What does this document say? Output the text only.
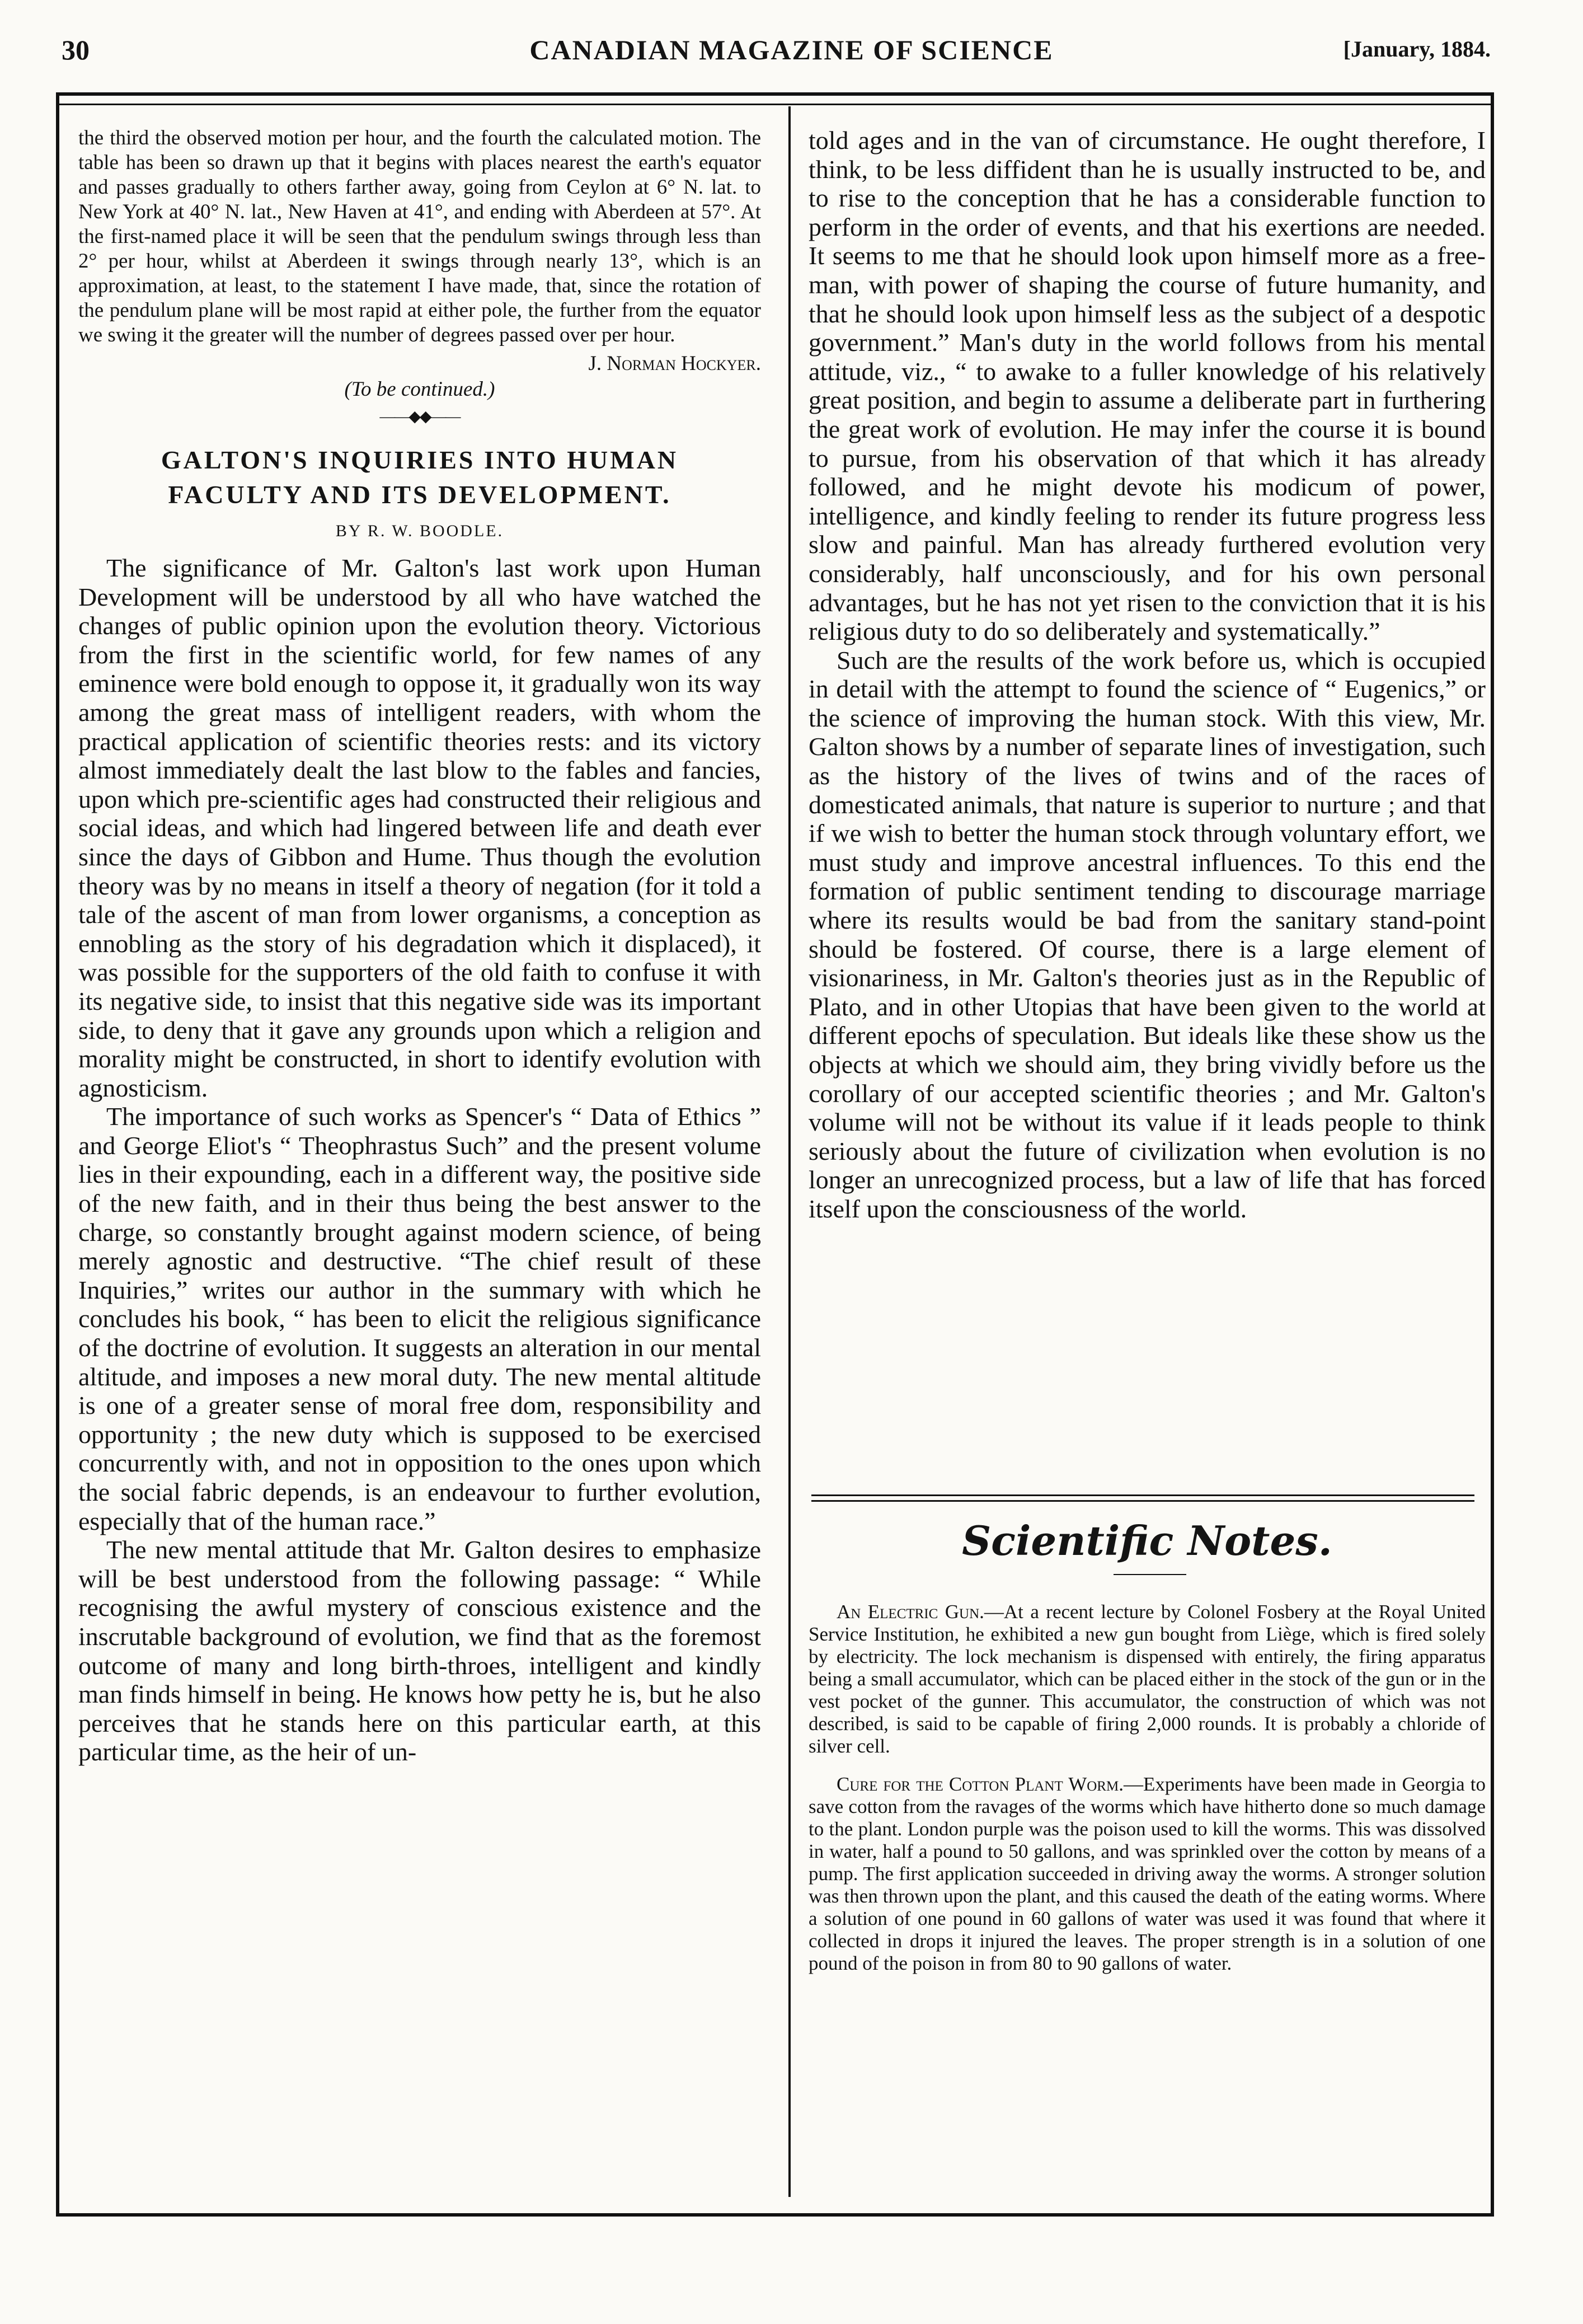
30	CANADIAN MAGAZINE OF SCIENCE	[January, 1884.

the third the observed motion per hour, and the fourth the calculated motion. The table has been so drawn up that it begins with places nearest the earth's equator and passes gradually to others farther away, going from Ceylon at 6° N. lat. to New York at 40° N. lat., New Haven at 41°, and ending with Aberdeen at 57°. At the first-named place it will be seen that the pendulum swings through less than 2° per hour, whilst at Aberdeen it swings through nearly 13°, which is an approximation, at least, to the statement I have made, that, since the rotation of the pendulum plane will be most rapid at either pole, the further from the equator we swing it the greater will the number of degrees passed over per hour.

J. Norman Hockyer.

(To be continued.)

——◆◆——

GALTON'S INQUIRIES INTO HUMAN

FACULTY AND ITS DEVELOPMENT.

BY R. W. BOODLE.

The significance of Mr. Galton's last work upon Human Development will be understood by all who have watched the changes of public opinion upon the evolution theory. Victorious from the first in the scientific world, for few names of any eminence were bold enough to oppose it, it gradually won its way among the great mass of intelligent readers, with whom the practical application of scientific theories rests: and its victory almost immediately dealt the last blow to the fables and fancies, upon which pre-scientific ages had constructed their religious and social ideas, and which had lingered between life and death ever since the days of Gibbon and Hume. Thus though the evolution theory was by no means in itself a theory of negation (for it told a tale of the ascent of man from lower organisms, a conception as ennobling as the story of his degradation which it displaced), it was possible for the supporters of the old faith to confuse it with its negative side, to insist that this negative side was its important side, to deny that it gave any grounds upon which a religion and morality might be constructed, in short to identify evolution with agnosticism.

The importance of such works as Spencer's “ Data of Ethics ” and George Eliot's “ Theophrastus Such” and the present volume lies in their expounding, each in a different way, the positive side of the new faith, and in their thus being the best answer to the charge, so constantly brought against modern science, of being merely agnostic and destructive. “The chief result of these Inquiries,” writes our author in the summary with which he concludes his book, “ has been to elicit the religious significance of the doctrine of evolution. It suggests an alteration in our mental altitude, and imposes a new moral duty. The new mental altitude is one of a greater sense of moral free dom, responsibility and opportunity ; the new duty which is supposed to be exercised concurrently with, and not in opposition to the ones upon which the social fabric depends, is an endeavour to further evolution, especially that of the human race.”

The new mental attitude that Mr. Galton desires to emphasize will be best understood from the following passage: “ While recognising the awful mystery of conscious existence and the inscrutable background of evolution, we find that as the foremost outcome of many and long birth-throes, intelligent and kindly man finds himself in being. He knows how petty he is, but he also perceives that he stands here on this particular earth, at this particular time, as the heir of un-

told ages and in the van of circumstance. He ought therefore, I think, to be less diffident than he is usually instructed to be, and to rise to the conception that he has a considerable function to perform in the order of events, and that his exertions are needed. It seems to me that he should look upon himself more as a free-man, with power of shaping the course of future humanity, and that he should look upon himself less as the subject of a despotic government.” Man's duty in the world follows from his mental attitude, viz., “ to awake to a fuller knowledge of his relatively great position, and begin to assume a deliberate part in furthering the great work of evolution. He may infer the course it is bound to pursue, from his observation of that which it has already followed, and he might devote his modicum of power, intelligence, and kindly feeling to render its future progress less slow and painful. Man has already furthered evolution very considerably, half unconsciously, and for his own personal advantages, but he has not yet risen to the conviction that it is his religious duty to do so deliberately and systematically.”

Such are the results of the work before us, which is occupied in detail with the attempt to found the science of “ Eugenics,” or the science of improving the human stock. With this view, Mr. Galton shows by a number of separate lines of investigation, such as the history of the lives of twins and of the races of domesticated animals, that nature is superior to nurture ; and that if we wish to better the human stock through voluntary effort, we must study and improve ancestral influences. To this end the formation of public sentiment tending to discourage marriage where its results would be bad from the sanitary stand-point should be fostered. Of course, there is a large element of visionariness, in Mr. Galton's theories just as in the Republic of Plato, and in other Utopias that have been given to the world at different epochs of speculation. But ideals like these show us the objects at which we should aim, they bring vividly before us the corollary of our accepted scientific theories ; and Mr. Galton's volume will not be without its value if it leads people to think seriously about the future of civilization when evolution is no longer an unrecognized process, but a law of life that has forced itself upon the consciousness of the world.

Scientific Notes.

An Electric Gun.—At a recent lecture by Colonel Fosbery at the Royal United Service Institution, he exhibited a new gun bought from Liège, which is fired solely by electricity. The lock mechanism is dispensed with entirely, the firing apparatus being a small accumulator, which can be placed either in the stock of the gun or in the vest pocket of the gunner. This accumulator, the construction of which was not described, is said to be capable of firing 2,000 rounds. It is probably a chloride of silver cell.

Cure for the Cotton Plant Worm.—Experiments have been made in Georgia to save cotton from the ravages of the worms which have hitherto done so much damage to the plant. London purple was the poison used to kill the worms. This was dissolved in water, half a pound to 50 gallons, and was sprinkled over the cotton by means of a pump. The first application succeeded in driving away the worms. A stronger solution was then thrown upon the plant, and this caused the death of the eating worms. Where a solution of one pound in 60 gallons of water was used it was found that where it collected in drops it injured the leaves. The proper strength is in a solution of one pound of the poison in from 80 to 90 gallons of water.
